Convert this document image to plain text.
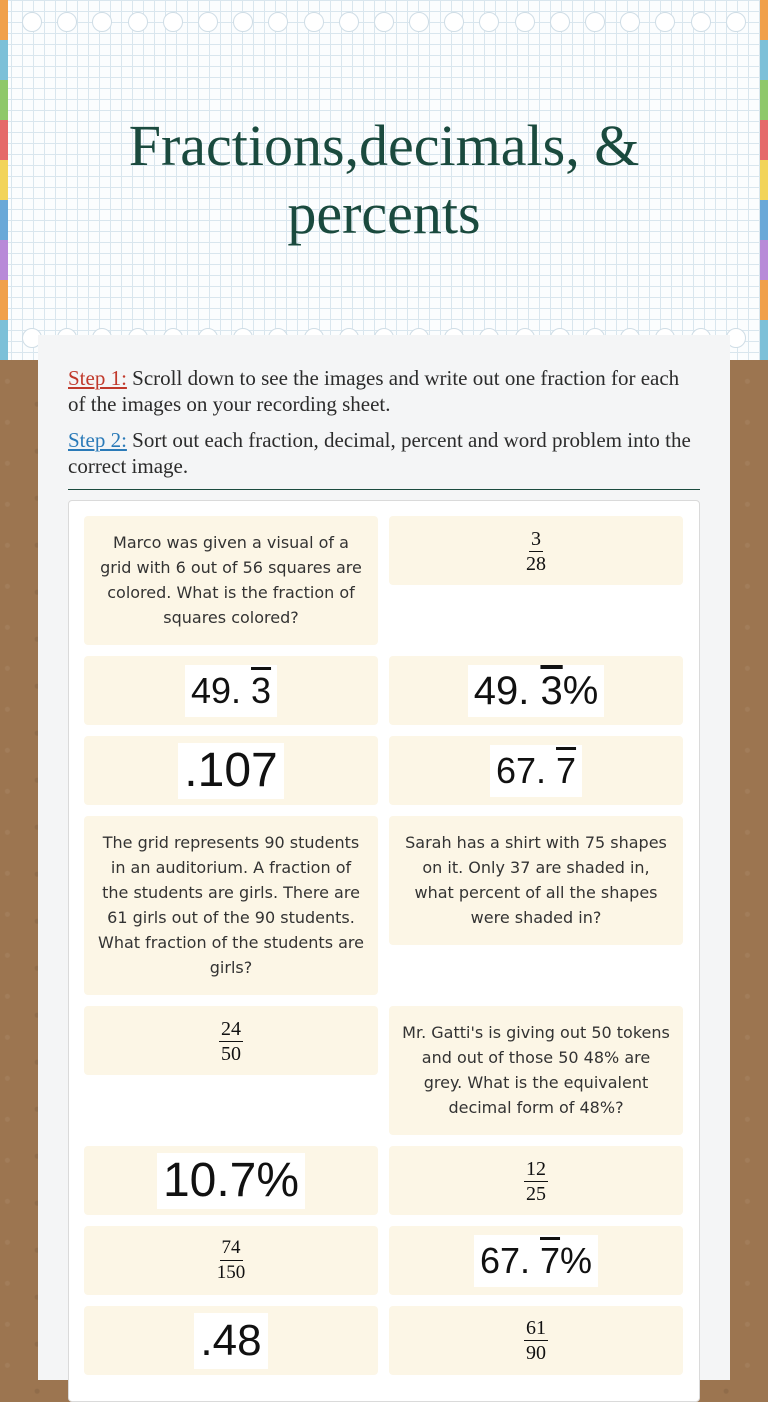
Fractions,decimals, & percents

Step 1: Scroll down to see the images and write out one fraction for each of the images on your recording sheet.

Step 2: Sort out each fraction, decimal, percent and word problem into the correct image.

Marco was given a visual of a grid with 6 out of 56 squares are colored. What is the fraction of squares colored?
$\frac{3}{28}$
49. 3	49. 3%
.107	67. 7
The grid represents 90 students in an auditorium. A fraction of the students are girls. There are 61 girls out of the 90 students. What fraction of the students are girls?
Sarah has a shirt with 75 shapes on it. Only 37 are shaded in, what percent of all the shapes were shaded in?
$\frac{24}{50}$	Mr. Gatti's is giving out 50 tokens and out of those 50 48% are grey. What is the equivalent decimal form of 48%?
10.7%	$\frac{12}{25}$
$\frac{74}{150}$	67. 7%
.48	$\frac{61}{90}$
